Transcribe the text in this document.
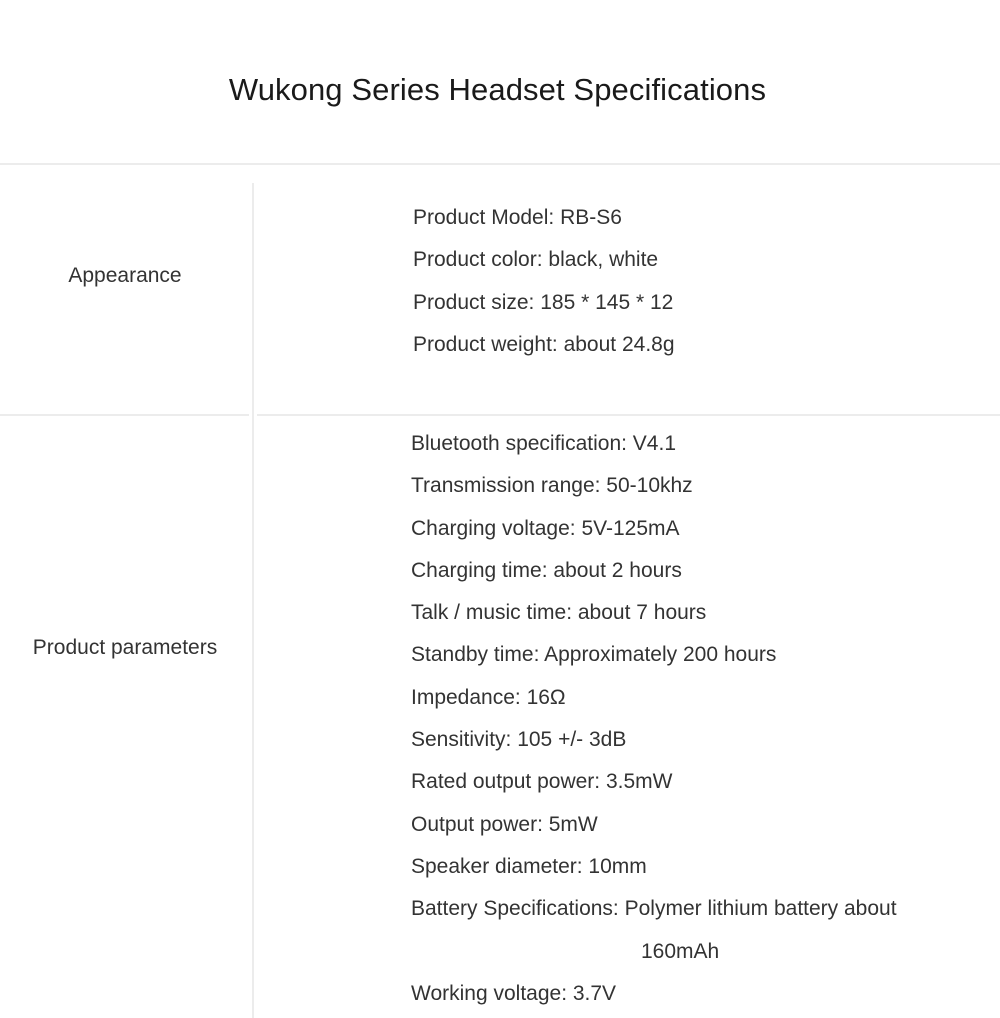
Wukong Series Headset Specifications
Appearance
Product Model: RB-S6
Product color: black, white
Product size: 185 * 145 * 12
Product weight: about 24.8g
Product parameters
Bluetooth specification: V4.1
Transmission range: 50-10khz
Charging voltage: 5V-125mA
Charging time: about 2 hours
Talk / music time: about 7 hours
Standby time: Approximately 200 hours
Impedance: 16Ω
Sensitivity: 105 +/- 3dB
Rated output power: 3.5mW
Output power: 5mW
Speaker diameter: 10mm
Battery Specifications: Polymer lithium battery about
160mAh
Working voltage: 3.7V
